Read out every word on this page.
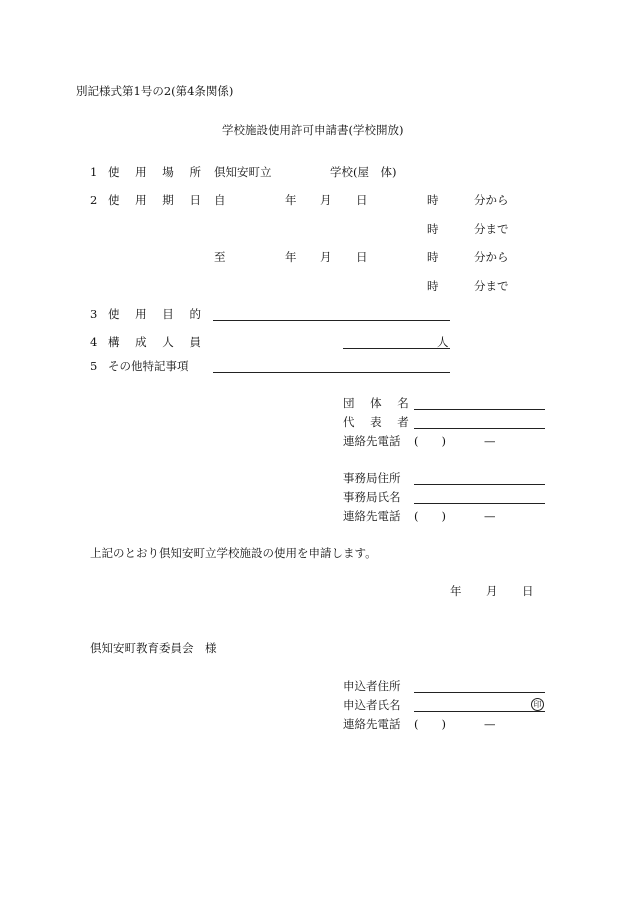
別記様式第1号の2(第4条関係)
学校施設使用許可申請書(学校開放)
1 使 用 場 所 倶知安町立	学校(屋　体)
2 使 用 期 日 自	年 月 日	時	分から
時	分まで
至	年 月 日	時	分から
時	分まで
3 使 用 目 的
4 構 成 人 員	人
5 その他特記事項
団 体 名
代 表 者
連絡先電話 (　　)	—
事務局住所
事務局氏名
連絡先電話 (　　)	—
上記のとおり倶知安町立学校施設の使用を申請します。
年 月 日
倶知安町教育委員会　様
申込者住所
申込者氏名	印
連絡先電話 (　　)	—
